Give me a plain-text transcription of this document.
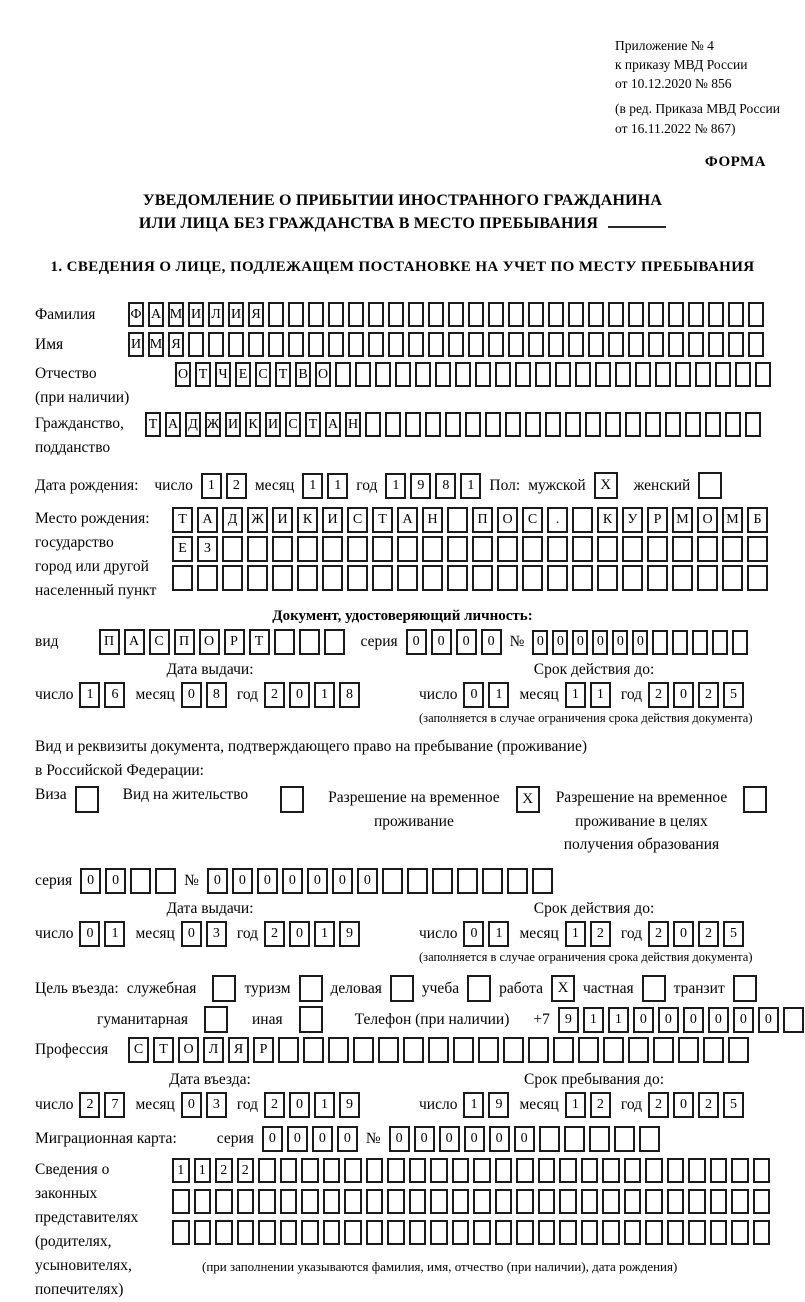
Приложение № 4
к приказу МВД России
от 10.12.2020 № 856
(в ред. Приказа МВД России
от 16.11.2022 № 867)
ФОРМА
УВЕДОМЛЕНИЕ О ПРИБЫТИИ ИНОСТРАННОГО ГРАЖДАНИНА
ИЛИ ЛИЦА БЕЗ ГРАЖДАНСТВА В МЕСТО ПРЕБЫВАНИЯ
1. СВЕДЕНИЯ О ЛИЦЕ, ПОДЛЕЖАЩЕМ ПОСТАНОВКЕ НА УЧЕТ ПО МЕСТУ ПРЕБЫВАНИЯ
Фамилия	Ф А М И Л И Я
Имя	И М Я
Отчество
(при наличии)
О Т Ч Е С Т В О
Гражданство,
подданство
Т А Д Ж И К И С Т А Н
Дата рождения: число	1	2 месяц	1	1 год	1	9	8	1 Пол: мужской X	женский
Место рождения:
государство
город или другой
населенный пункт
Т	А	Д Ж И	К	И	С	Т	А	Н	П	О	С	.	К	У	Р	М О М	Б
Е	З
Документ, удостоверяющий личность:
вид	П	А	С	П	О	Р	Т	серия	0	0	0	0 № 0 0 0 0 0 0
Дата выдачи:
число 1	6	месяц 0	8	год 2	0	1	8
Срок действия до:
число 0	1	месяц 1	1	год 2	0	2	5
(заполняется в случае ограничения срока действия документа)
Вид и реквизиты документа, подтверждающего право на пребывание (проживание)
в Российской Федерации:
Виза	Вид на жительство	Разрешение на временное
проживание
X	Разрешение на временное
проживание в целях
получения образования
серия	0	0	№	0	0	0	0	0	0	0
Дата выдачи:
число 0	1	месяц 0	3	год 2	0	1	9
Срок действия до:
число 0	1	месяц 1	2	год 2	0	2	5
(заполняется в случае ограничения срока действия документа)
Цель въезда: служебная	туризм	деловая	учеба	работа X частная	транзит
гуманитарная	иная	Телефон (при наличии) +7	9	1	1	0	0	0	0	0	0
Профессия	С	Т	О	Л	Я	Р
Дата въезда:
число 2	7	месяц 0	3	год 2	0	1	9
Срок пребывания до:
число 1	9	месяц 1	2	год 2	0	2	5
Миграционная карта:	серия	0	0	0	0 №	0	0	0	0	0	0
Сведения о
законных
представителях
(родителях,
усыновителях,
попечителях)
1	1	2	2
(при заполнении указываются фамилия, имя, отчество (при наличии), дата рождения)
